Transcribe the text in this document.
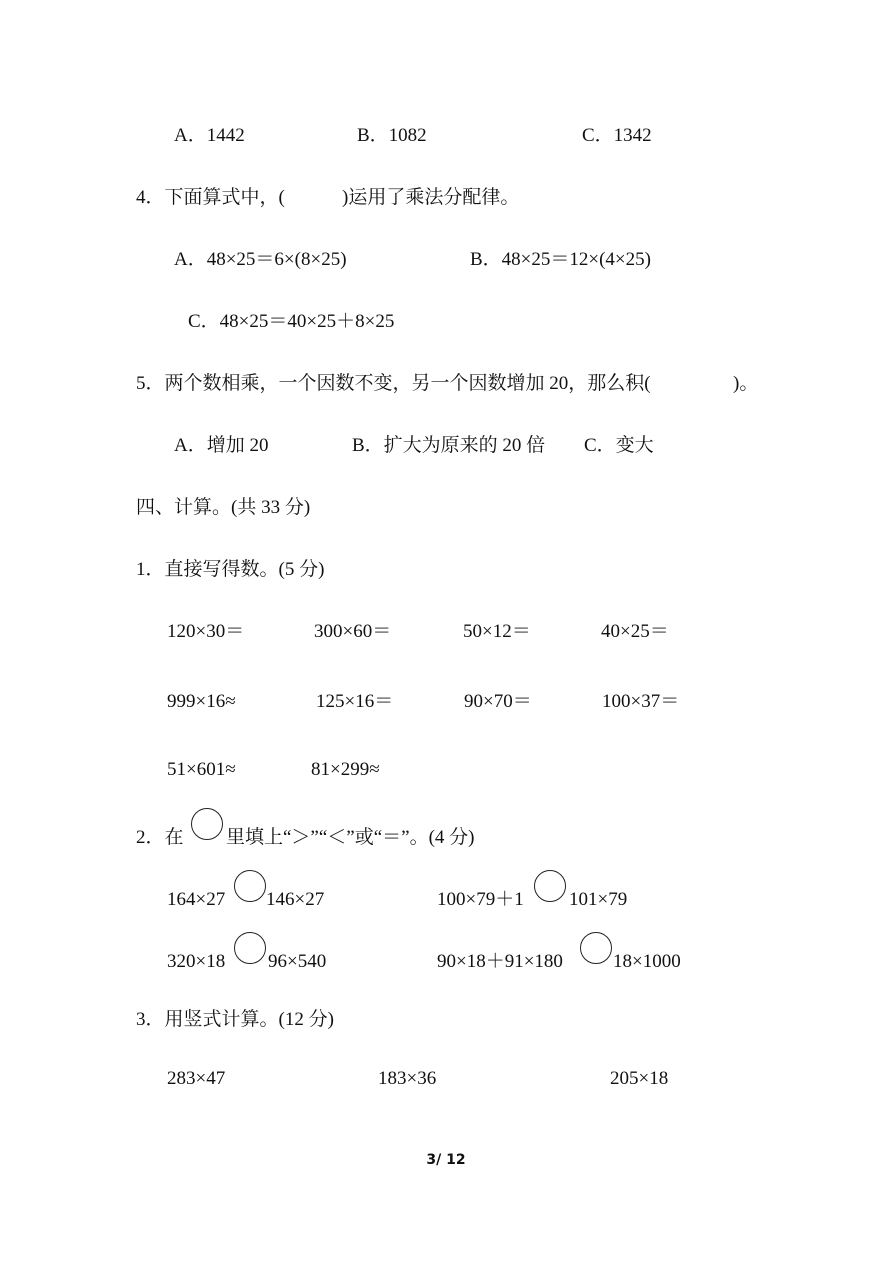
A．1442	B．1082	C．1342
4．下面算式中，(	)运用了乘法分配律。
A．48×25＝6×(8×25)	B．48×25＝12×(4×25)
C．48×25＝40×25＋8×25
5．两个数相乘，一个因数不变，另一个因数增加 20，那么积(	)。
A．增加 20	B．扩大为原来的 20 倍 C．变大
四、计算。(共 33 分)
1．直接写得数。(5 分)
120×30＝	300×60＝	50×12＝	40×25＝
999×16≈	125×16＝	90×70＝	100×37＝
51×601≈	81×299≈
2．在 里填上“＞”“＜”或“＝”。(4 分)
164×27 146×27	100×79＋1 101×79
320×18 96×540	90×18＋91×180	18×1000
3．用竖式计算。(12 分)
283×47	183×36	205×18
3/ 12
